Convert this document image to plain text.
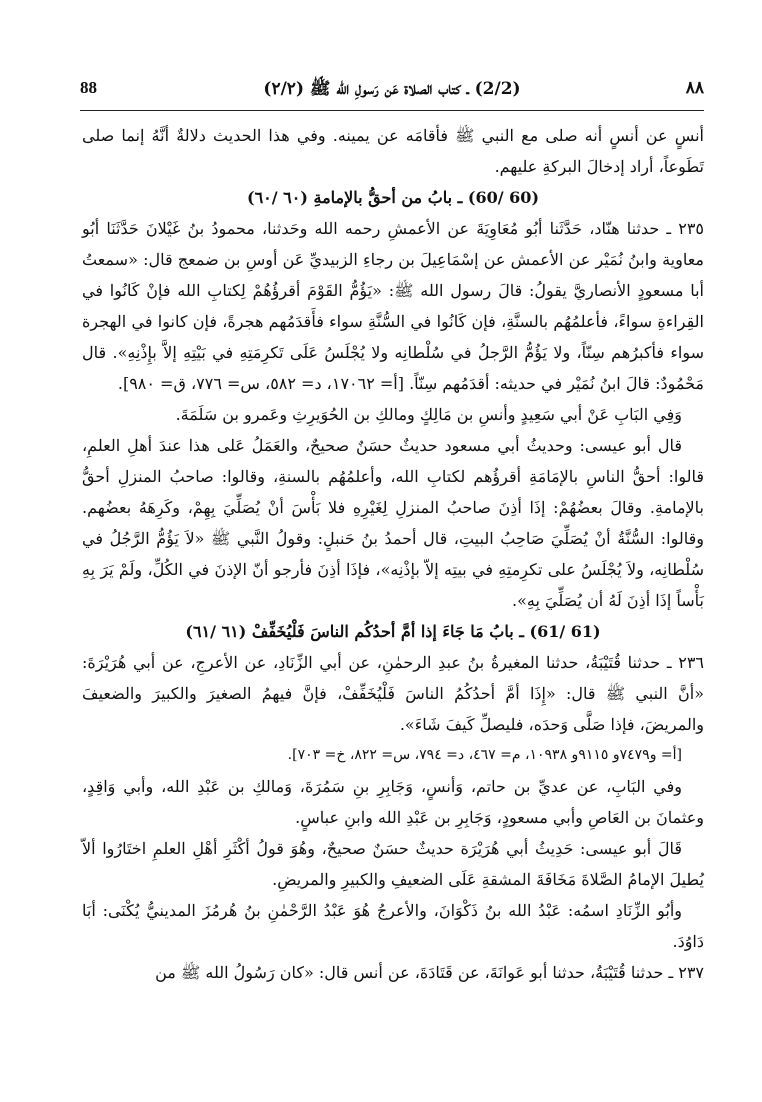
٨٨
(2/2) ـ كتاب الصلاة عَن رَسولِ الله ﷺ (٢/٢)
88

أنسٍ عن أنسٍ أنه صلى مع النبي ﷺ فأقامَه عن يمينه. وفي هذا الحديث دلالةٌ أنَّهُ إنما صلى تَطَوعاً، أراد إدخالَ البركةِ عليهم.

(60 /60) ـ بابُ من أحقُّ بالإمامةِ (٦٠ /٦٠)

٢٣٥ ـ حدثنا هنّاد، حَدَّثَنا أبُو مُعَاوِيَةَ عن الأعمشِ رحمه الله وحَدثنا، محمودُ بنُ غَيْلانَ حَدَّثَنَا أبُو معاوية وابنُ نُمَيْر عن الأعمش عن إسْمَاعِيلَ بن رجاءِ الزبيديِّ عَن أوسِ بن ضمعج قال: «سمعتُ أبا مسعودٍ الأنصاريَّ يقولُ: قالَ رسول الله ﷺ: «يَؤُمُّ القَوْمَ أقرؤُهُمْ لِكتابِ الله فإنْ كَانُوا في القِراءةِ سواءً، فأعلمُهُم بالسنَّةِ، فإن كَانُوا في السُّنَّةِ سواء فأَقدَمُهم هجرةً، فإن كانوا في الهجرة سواء فأكبرُهم سِنّاً، ولا يَؤُمُّ الرَّجلُ في سُلْطانِه ولا يُجْلَسُ عَلَى تَكرِمَتِهِ في بَيْتِهِ إلاَّ بإِذْنِهِ». قال مَحْمُودٌ: قالَ ابنُ نُمَيْر في حديثه: أقدَمُهم سِنّاً. [أ= ١٧٠٦٢، د= ٥٨٢، س= ٧٧٦، ق= ٩٨٠].

وَفِي البَابِ عَنْ أبي سَعِيدٍ وأنسِ بن مَالِكٍ ومالكِ بن الحُوَيرِثِ وعَمرو بن سَلَمَةَ.

قال أبو عيسى: وحديثُ أبي مسعود حديثٌ حسَنٌ صحيحٌ، والعَمَلُ عَلى هذا عندَ أهلِ العلمِ، قالوا: أحقُّ الناسِ بالإمَامَةِ أقرؤُهم لكتابِ الله، وأعلمُهُم بالسنةِ، وقالوا: صاحبُ المنزلِ أحقُّ بالإمامةِ. وقالَ بعضُهُمْ: إذَا أذِنَ صاحبُ المنزلِ لِغَيْرِهِ فلا بَأْسَ أنْ يُصَلِّيَ بِهِمْ، وكَرِهَهُ بعضُهم. وقالوا: السُّنَّةُ أنْ يُصَلِّيَ صَاحِبُ البيتِ، قال أحمدُ بنُ حَنبلٍ: وقولُ النَّبي ﷺ «لاَ يَؤُمُّ الرَّجُلُ في سُلْطانِه، ولاَ يُجْلَسُ على تكرِمتِهِ في بيتِه إلاّ بإذْنِه»، فإذَا أذِنَ فأرجو أنّ الإذنَ في الكُلِّ، ولَمْ يَرَ بِهِ بَأْساً إذَا أذِنَ لَهُ أن يُصَلِّيَ بِهِ».

(61 /61) ـ بابُ مَا جَاءَ إذا أمَّ أحدُكُم الناسَ فَلْيُخَفِّفْ (٦١ /٦١)

٢٣٦ ـ حدثنا قُتَيْبَةُ، حدثنا المغيرةُ بنُ عبدِ الرحمٰنِ، عن أبي الزِّنَادِ، عن الأعرجِ، عن أبي هُرَيْرَةَ: «أنَّ النبي ﷺ قال: «إِذَا أمَّ أحدُكُمُ الناسَ فَلْيُخَفِّفْ، فإنَّ فيهمُ الصغيرَ والكبيرَ والضعيفَ والمريضَ، فإذا صَلَّى وَحدَه، فليصلِّ كَيفَ شَاءَ».

[أ= و٧٤٧٩و ٩١١٥و ١٠٩٣٨، م= ٤٦٧، د= ٧٩٤، س= ٨٢٢، خ= ٧٠٣].

وفي البَابِ، عن عديِّ بن حاتم، وَأنسٍ، وَجَابِرِ بنِ سَمُرَةَ، وَمالكِ بن عَبْدِ الله، وأبي وَاقِدٍ، وعثمانَ بن العَاصِ وأبي مسعودٍ، وَجَابِرِ بن عَبْدِ الله وابنِ عباسٍ.

قَالَ أبو عيسى: حَدِيثُ أبي هُرَيْرَة حديثٌ حسَنٌ صحيحٌ، وهُوَ قولُ أكْثَرِ أهْلِ العلمِ اختَارُوا ألاّ يُطيلَ الإمامُ الصَّلاةَ مَخَافَةَ المشقةِ عَلَى الضعيفِ والكبيرِ والمريضِ.

وأبُو الزِّنَادِ اسمُه: عَبْدُ الله بنُ ذَكْوَانَ، والأعرجُ هُوَ عَبْدُ الرَّحْمٰنِ بنُ هُرمُزَ المدينيُّ يُكْنَى: أبَا دَاوُدَ.

٢٣٧ ـ حدثنا قُتَيْبَةُ، حدثنا أبو عَوانَةَ، عن قَتَادَةَ، عن أنس قال: «كان رَسُولُ الله ﷺ من
